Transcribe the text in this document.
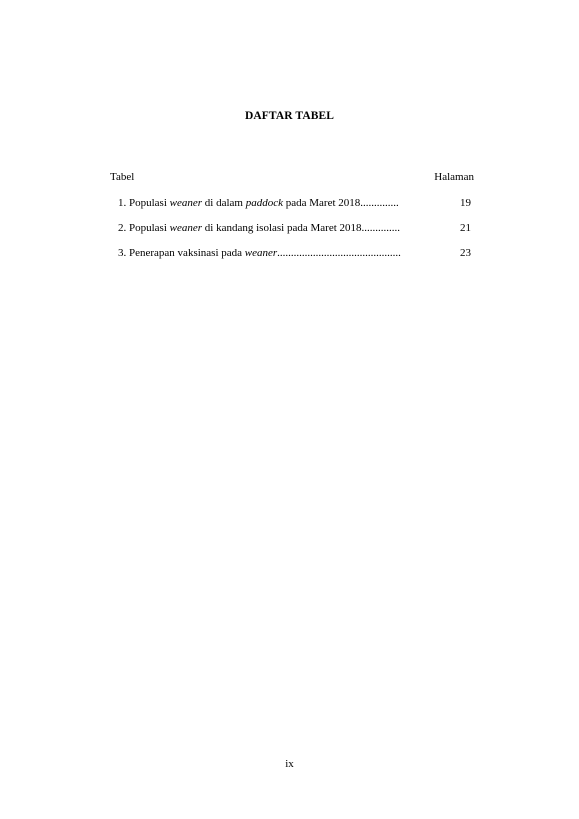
DAFTAR TABEL
Tabel	Halaman
1. Populasi weaner di dalam paddock pada Maret 2018..............	19
2. Populasi weaner di kandang isolasi pada Maret 2018..............	21
3. Penerapan vaksinasi pada weaner.............................................	23
ix
